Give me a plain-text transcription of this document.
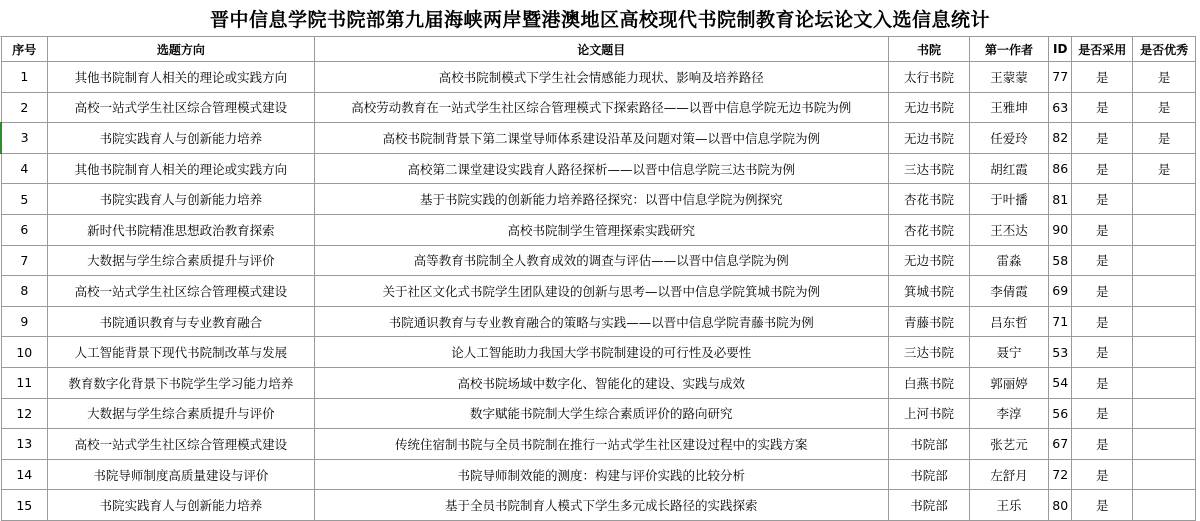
晋中信息学院书院部第九届海峡两岸暨港澳地区高校现代书院制教育论坛论文入选信息统计
序号	选题方向	论文题目	书院	第一作者	ID	是否采用	是否优秀
1	其他书院制育人相关的理论或实践方向	高校书院制模式下学生社会情感能力现状、影响及培养路径	太行书院	王蒙蒙	77	是	是
2	高校一站式学生社区综合管理模式建设	高校劳动教育在一站式学生社区综合管理模式下探索路径——以晋中信息学院无边书院为例	无边书院	王雅坤	63	是	是
3	书院实践育人与创新能力培养	高校书院制背景下第二课堂导师体系建设沿革及问题对策—以晋中信息学院为例	无边书院	任爱玲	82	是	是
4	其他书院制育人相关的理论或实践方向	高校第二课堂建设实践育人路径探析——以晋中信息学院三达书院为例	三达书院	胡红霞	86	是	是
5	书院实践育人与创新能力培养	基于书院实践的创新能力培养路径探究：以晋中信息学院为例探究	杏花书院	于叶播	81	是	
6	新时代书院精准思想政治教育探索	高校书院制学生管理探索实践研究	杏花书院	王丕达	90	是	
7	大数据与学生综合素质提升与评价	高等教育书院制全人教育成效的调查与评估——以晋中信息学院为例	无边书院	雷淼	58	是	
8	高校一站式学生社区综合管理模式建设	关于社区文化式书院学生团队建设的创新与思考—以晋中信息学院箕城书院为例	箕城书院	李倩霞	69	是	
9	书院通识教育与专业教育融合	书院通识教育与专业教育融合的策略与实践——以晋中信息学院青藤书院为例	青藤书院	吕东哲	71	是	
10	人工智能背景下现代书院制改革与发展	论人工智能助力我国大学书院制建设的可行性及必要性	三达书院	聂宁	53	是	
11	教育数字化背景下书院学生学习能力培养	高校书院场域中数字化、智能化的建设、实践与成效	白燕书院	郭丽婷	54	是	
12	大数据与学生综合素质提升与评价	数字赋能书院制大学生综合素质评价的路向研究	上河书院	李淳	56	是	
13	高校一站式学生社区综合管理模式建设	传统住宿制书院与全员书院制在推行一站式学生社区建设过程中的实践方案	书院部	张艺元	67	是	
14	书院导师制度高质量建设与评价	书院导师制效能的测度：构建与评价实践的比较分析	书院部	左舒月	72	是	
15	书院实践育人与创新能力培养	基于全员书院制育人模式下学生多元成长路径的实践探索	书院部	王乐	80	是	
